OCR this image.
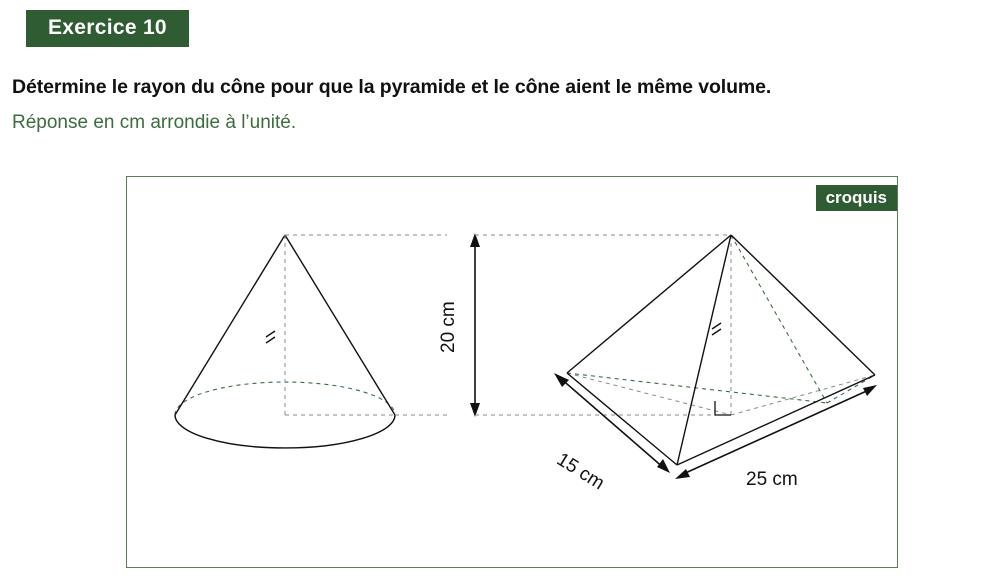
Exercice 10
Détermine le rayon du cône pour que la pyramide et le cône aient le même volume.
Réponse en cm arrondie à l’unité.
croquis
20 cm
15 cm	25 cm
